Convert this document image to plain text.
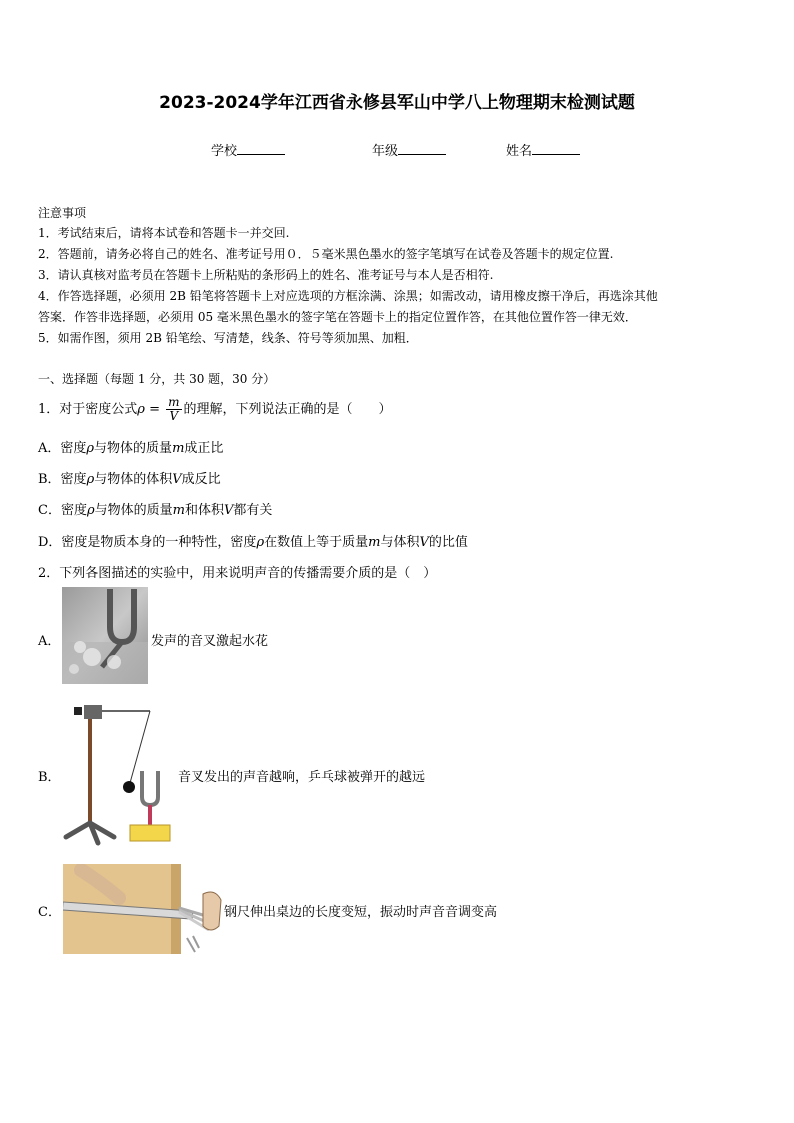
2023-2024学年江西省永修县军山中学八上物理期末检测试题
学校	年级	姓名
注意事项
1．考试结束后，请将本试卷和答题卡一并交回.
2．答题前，请务必将自己的姓名、准考证号用０．５毫米黑色墨水的签字笔填写在试卷及答题卡的规定位置.
3．请认真核对监考员在答题卡上所粘贴的条形码上的姓名、准考证号与本人是否相符.
4．作答选择题，必须用 2B 铅笔将答题卡上对应选项的方框涂满、涂黑；如需改动，请用橡皮擦干净后，再选涂其他
答案．作答非选择题，必须用 05 毫米黑色墨水的签字笔在答题卡上的指定位置作答，在其他位置作答一律无效．
5．如需作图，须用 2B 铅笔绘、写清楚，线条、符号等须加黑、加粗．
一、选择题（每题 1 分，共 30 题，30 分）
1．对于密度公式$\rho = \frac{m}{V}$ 的理解，下列说法正确的是（　　）
A．密度ρ与物体的质量m成正比
B．密度ρ与物体的体积V成反比
C．密度ρ与物体的质量m和体积V都有关
D．密度是物质本身的一种特性，密度ρ在数值上等于质量m与体积V的比值
2．下列各图描述的实验中，用来说明声音的传播需要介质的是（　）
A．	发声的音叉激起水花
B．	音叉发出的声音越响，乒乓球被弹开的越远
C．	钢尺伸出桌边的长度变短，振动时声音音调变高
